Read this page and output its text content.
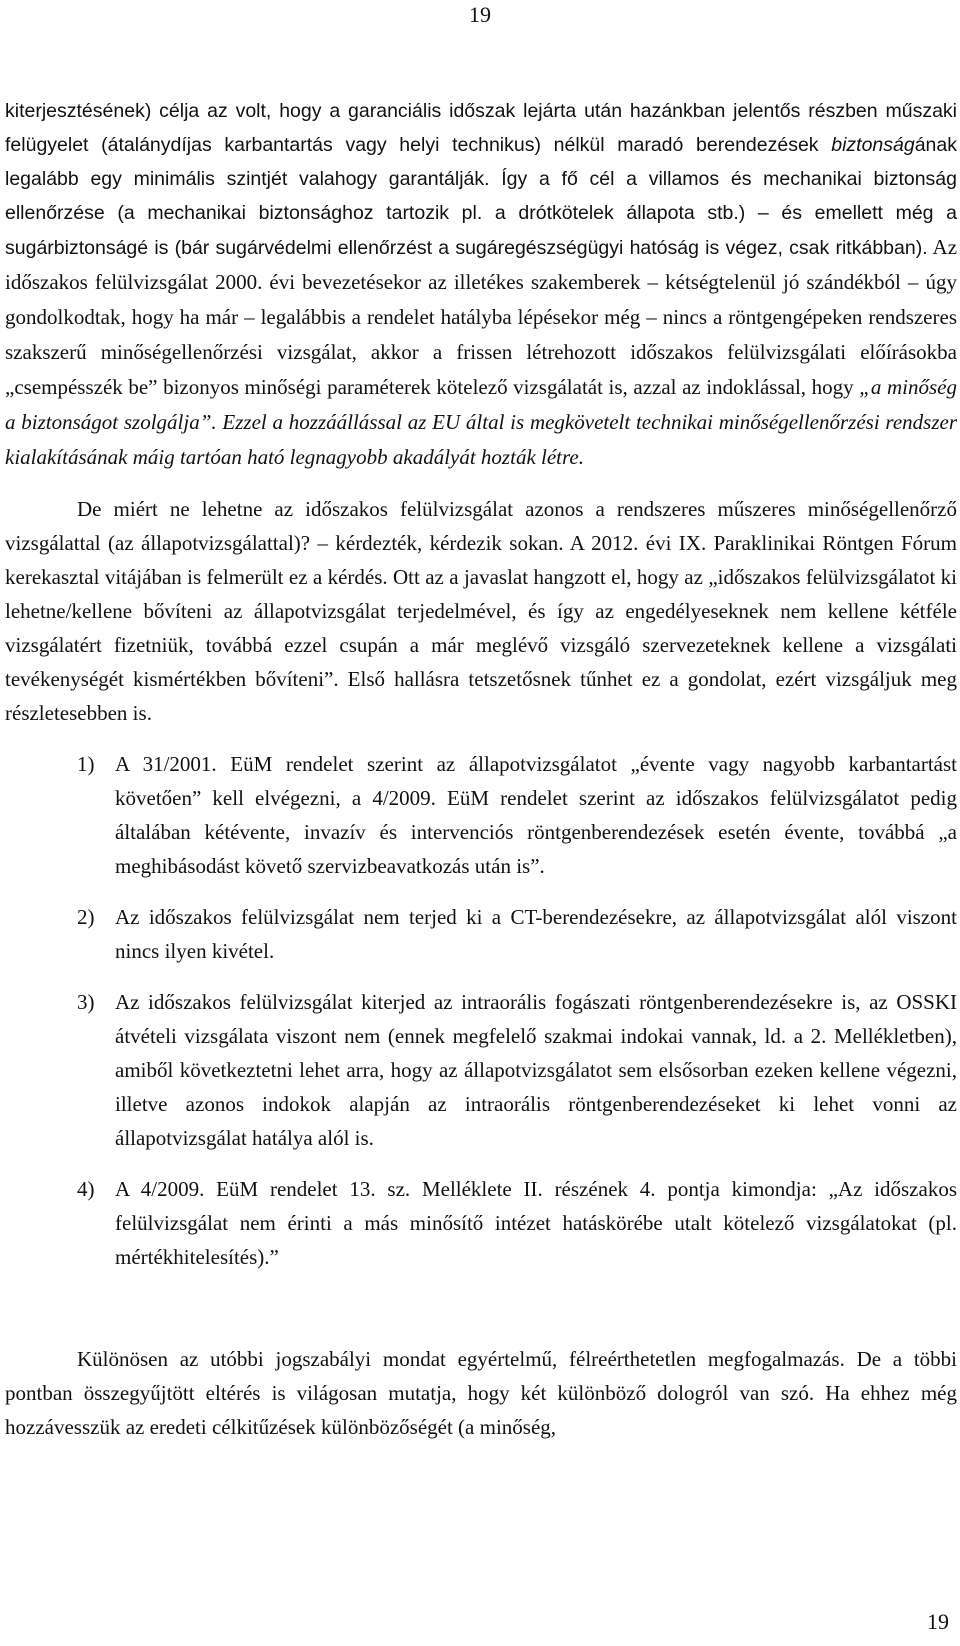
19

kiterjesztésének) célja az volt, hogy a garanciális időszak lejárta után hazánkban jelentős részben műszaki felügyelet (átalánydíjas karbantartás vagy helyi technikus) nélkül maradó berendezések biztonságának legalább egy minimális szintjét valahogy garantálják. Így a fő cél a villamos és mechanikai biztonság ellenőrzése (a mechanikai biztonsághoz tartozik pl. a drótkötelek állapota stb.) – és emellett még a sugárbiztonságé is (bár sugárvédelmi ellenőrzést a sugáregészségügyi hatóság is végez, csak ritkábban). Az időszakos felülvizsgálat 2000. évi bevezetésekor az illetékes szakemberek – kétségtelenül jó szándékból – úgy gondolkodtak, hogy ha már – legalábbis a rendelet hatályba lépésekor még – nincs a röntgengépeken rendszeres szakszerű minőségellenőrzési vizsgálat, akkor a frissen létrehozott időszakos felülvizsgálati előírásokba „csempésszék be” bizonyos minőségi paraméterek kötelező vizsgálatát is, azzal az indoklással, hogy „a minőség a biztonságot szolgálja”. Ezzel a hozzáállással az EU által is megkövetelt technikai minőségellenőrzési rendszer kialakításának máig tartóan ható legnagyobb akadályát hozták létre.

De miért ne lehetne az időszakos felülvizsgálat azonos a rendszeres műszeres minőségellenőrző vizsgálattal (az állapotvizsgálattal)? – kérdezték, kérdezik sokan. A 2012. évi IX. Paraklinikai Röntgen Fórum kerekasztal vitájában is felmerült ez a kérdés. Ott az a javaslat hangzott el, hogy az „időszakos felülvizsgálatot ki lehetne/kellene bővíteni az állapotvizsgálat terjedelmével, és így az engedélyeseknek nem kellene kétféle vizsgálatért fizetniük, továbbá ezzel csupán a már meglévő vizsgáló szervezeteknek kellene a vizsgálati tevékenységét kismértékben bővíteni”. Első hallásra tetszetősnek tűnhet ez a gondolat, ezért vizsgáljuk meg részletesebben is.

1) A 31/2001. EüM rendelet szerint az állapotvizsgálatot „évente vagy nagyobb karbantartást követően” kell elvégezni, a 4/2009. EüM rendelet szerint az időszakos felülvizsgálatot pedig általában kétévente, invazív és intervenciós röntgenberendezések esetén évente, továbbá „a meghibásodást követő szervizbeavatkozás után is”.
2) Az időszakos felülvizsgálat nem terjed ki a CT-berendezésekre, az állapotvizsgálat alól viszont nincs ilyen kivétel.
3) Az időszakos felülvizsgálat kiterjed az intraorális fogászati röntgenberendezésekre is, az OSSKI átvételi vizsgálata viszont nem (ennek megfelelő szakmai indokai vannak, ld. a 2. Mellékletben), amiből következtetni lehet arra, hogy az állapotvizsgálatot sem elsősorban ezeken kellene végezni, illetve azonos indokok alapján az intraorális röntgenberendezéseket ki lehet vonni az állapotvizsgálat hatálya alól is.
4) A 4/2009. EüM rendelet 13. sz. Melléklete II. részének 4. pontja kimondja: „Az időszakos felülvizsgálat nem érinti a más minősítő intézet hatáskörébe utalt kötelező vizsgálatokat (pl. mértékhitelesítés).”

Különösen az utóbbi jogszabályi mondat egyértelmű, félreérthetetlen megfogalmazás. De a többi pontban összegyűjtött eltérés is világosan mutatja, hogy két különböző dologról van szó. Ha ehhez még hozzávesszük az eredeti célkitűzések különbözőségét (a minőség,

19
